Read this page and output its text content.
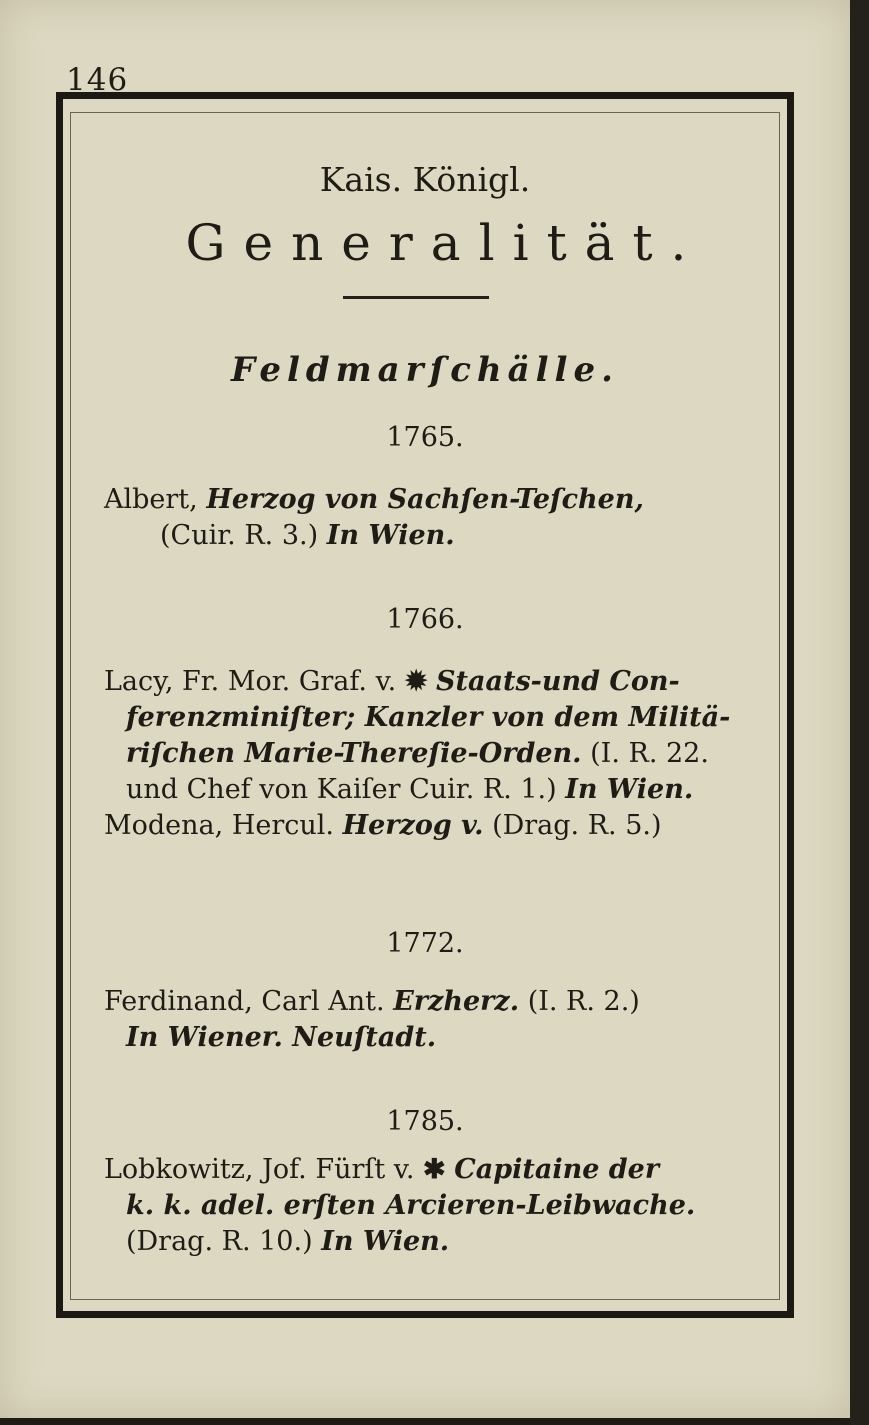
146
Kais. Königl.
Generalität.
Feldmarſchälle.
1765.
Albert, Herzog von Sachſen-Teſchen,
(Cuir. R. 3.) In Wien.
1766.
Lacy, Fr. Mor. Graf. v. ✹ Staats-und Con-
ferenzminiſter; Kanzler von dem Militä-
riſchen Marie-Thereſie-Orden. (I. R. 22.
und Chef von Kaiſer Cuir. R. 1.) In Wien.
Modena, Hercul. Herzog v. (Drag. R. 5.)
1772.
Ferdinand, Carl Ant. Erzherz. (I. R. 2.)
In Wiener. Neuſtadt.
1785.
Lobkowitz, Jof. Fürſt v. ✱ Capitaine der
k. k. adel. erſten Arcieren-Leibwache.
(Drag. R. 10.) In Wien.
